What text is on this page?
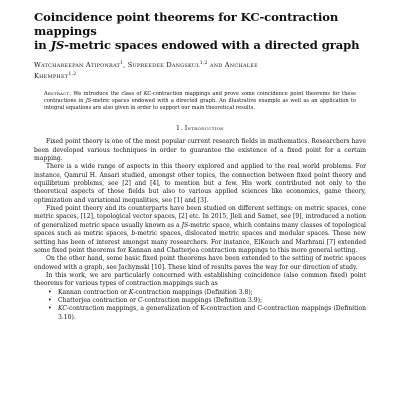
Coincidence point theorems for KC-contraction mappings
in JS-metric spaces endowed with a directed graph
Watchareepan Atiponrat$^1$, Supreedee Dangskul$^{1,2}$ and Anchalee
Khemphet$^{1,2}$
Abstract. We introduce the class of KC-contraction mappings and prove some coincidence point theorems for these contractions in JS-metric spaces endowed with a directed graph. An illustrative example as well as an application to integral equations are also given in order to support our main theoretical results.
1. Introduction

Fixed point theory is one of the most popular current research fields in mathematics. Researchers have been developed various techniques in order to guarantee the existence of a fixed point for a certain mapping.

There is a wide range of aspects in this theory explored and applied to the real world problems. For instance, Qamrul H. Ansari studied, amongst other topics, the connection between fixed point theory and equilibrium problems, see [2] and [4], to mention but a few. His work contributed not only to the theoretical aspects of those fields but also to various applied sciences like economics, game theory, optimization and variational inequalities, see [1] and [3].

Fixed point theory and its counterparts have been studied on different settings: on metric spaces, cone metric spaces, [12], topological vector spaces, [2] etc. In 2015, Jleli and Samet, see [9], introduced a notion of generalized metric space usually known as a JS-metric space, which contains many classes of topological spaces such as metric spaces, b-metric spaces, dislocated metric spaces and modular spaces. These new setting has been of interest amongst many researchers. For instance, ElKouch and Marhrani [7] extended some fixed point theorems for Kannan and Chatterjea contraction mappings to this more general setting.

On the other hand, some basic fixed point theorems have been extended to the setting of metric spaces endowed with a graph, see Jachymski [10]. These kind of results paves the way for our direction of study.

In this work, we are particularly concerned with establishing coincidence (also common fixed) point theorems for various types of contraction mappings such as

• Kannan contraction or K-contraction mappings (Definition 3.8);
• Chatterjea contraction or C-contraction mappings (Definition 3.9);
• KC-contraction mappings, a generalization of K-contraction and C-contraction mappings (Definition 3.10).
